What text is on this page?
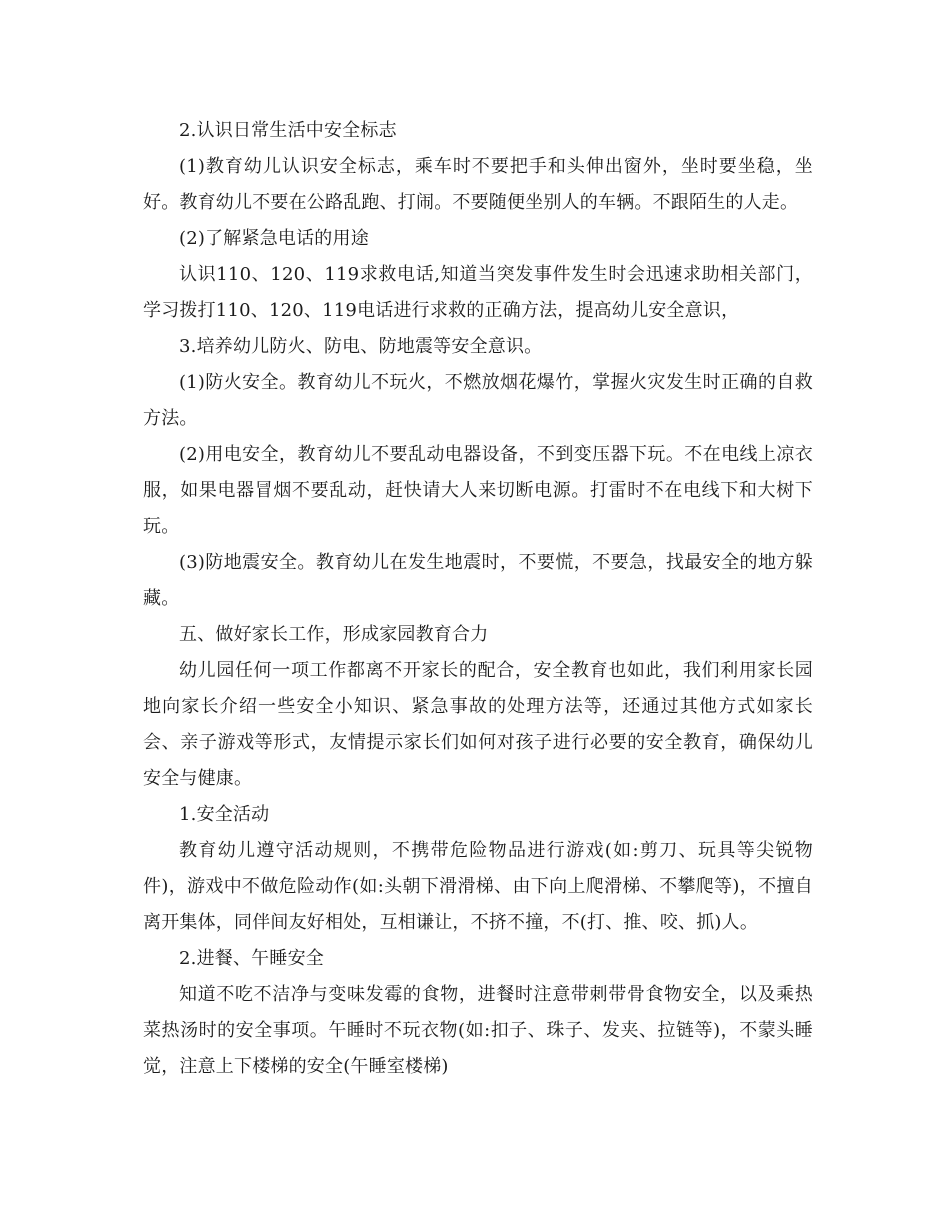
2.认识日常生活中安全标志

(1)教育幼儿认识安全标志，乘车时不要把手和头伸出窗外，坐时要坐稳，坐好。教育幼儿不要在公路乱跑、打闹。不要随便坐别人的车辆。不跟陌生的人走。

(2)了解紧急电话的用途

认识110、120、119求救电话,知道当突发事件发生时会迅速求助相关部门，学习拨打110、120、119电话进行求救的正确方法，提高幼儿安全意识，

3.培养幼儿防火、防电、防地震等安全意识。

(1)防火安全。教育幼儿不玩火，不燃放烟花爆竹，掌握火灾发生时正确的自救方法。

(2)用电安全，教育幼儿不要乱动电器设备，不到变压器下玩。不在电线上凉衣服，如果电器冒烟不要乱动，赶快请大人来切断电源。打雷时不在电线下和大树下玩。

(3)防地震安全。教育幼儿在发生地震时，不要慌，不要急，找最安全的地方躲藏。

五、做好家长工作，形成家园教育合力

幼儿园任何一项工作都离不开家长的配合，安全教育也如此，我们利用家长园地向家长介绍一些安全小知识、紧急事故的处理方法等，还通过其他方式如家长会、亲子游戏等形式，友情提示家长们如何对孩子进行必要的安全教育，确保幼儿安全与健康。

1.安全活动

教育幼儿遵守活动规则，不携带危险物品进行游戏(如:剪刀、玩具等尖锐物件)，游戏中不做危险动作(如:头朝下滑滑梯、由下向上爬滑梯、不攀爬等)，不擅自离开集体，同伴间友好相处，互相谦让，不挤不撞，不(打、推、咬、抓)人。

2.进餐、午睡安全

知道不吃不洁净与变味发霉的食物，进餐时注意带刺带骨食物安全，以及乘热菜热汤时的安全事项。午睡时不玩衣物(如:扣子、珠子、发夹、拉链等)，不蒙头睡觉，注意上下楼梯的安全(午睡室楼梯)
